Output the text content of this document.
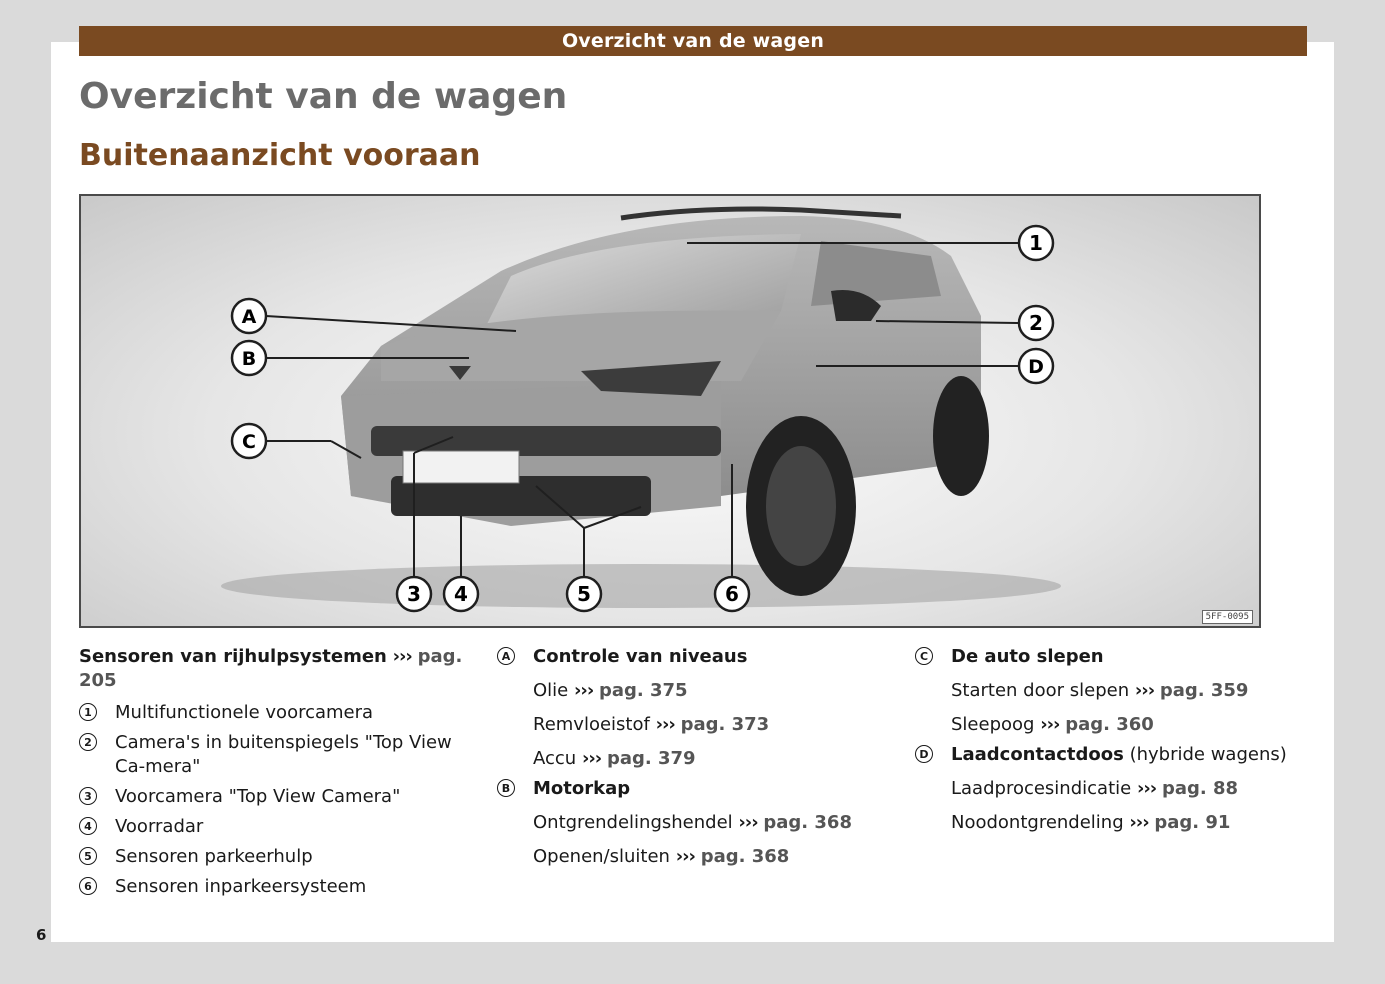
Overzicht van de wagen
Overzicht van de wagen
Buitenaanzicht vooraan
1
2
3 4	5	6
A
B
C
D
5FF-0095
Sensoren van rijhulpsystemen ››› pag. 205
1 Multifunctionele voorcamera
2 Camera's in buitenspiegels "Top View Ca-mera"
3 Voorcamera "Top View Camera"
4 Voorradar
5 Sensoren parkeerhulp
6 Sensoren inparkeersysteem
A Controle van niveaus
Olie ››› pag. 375
Remvloeistof ››› pag. 373
Accu ››› pag. 379
B Motorkap
Ontgrendelingshendel ››› pag. 368
Openen/sluiten ››› pag. 368
C De auto slepen
Starten door slepen ››› pag. 359
Sleepoog ››› pag. 360
D Laadcontactdoos (hybride wagens)
Laadprocesindicatie ››› pag. 88
Noodontgrendeling ››› pag. 91
6
